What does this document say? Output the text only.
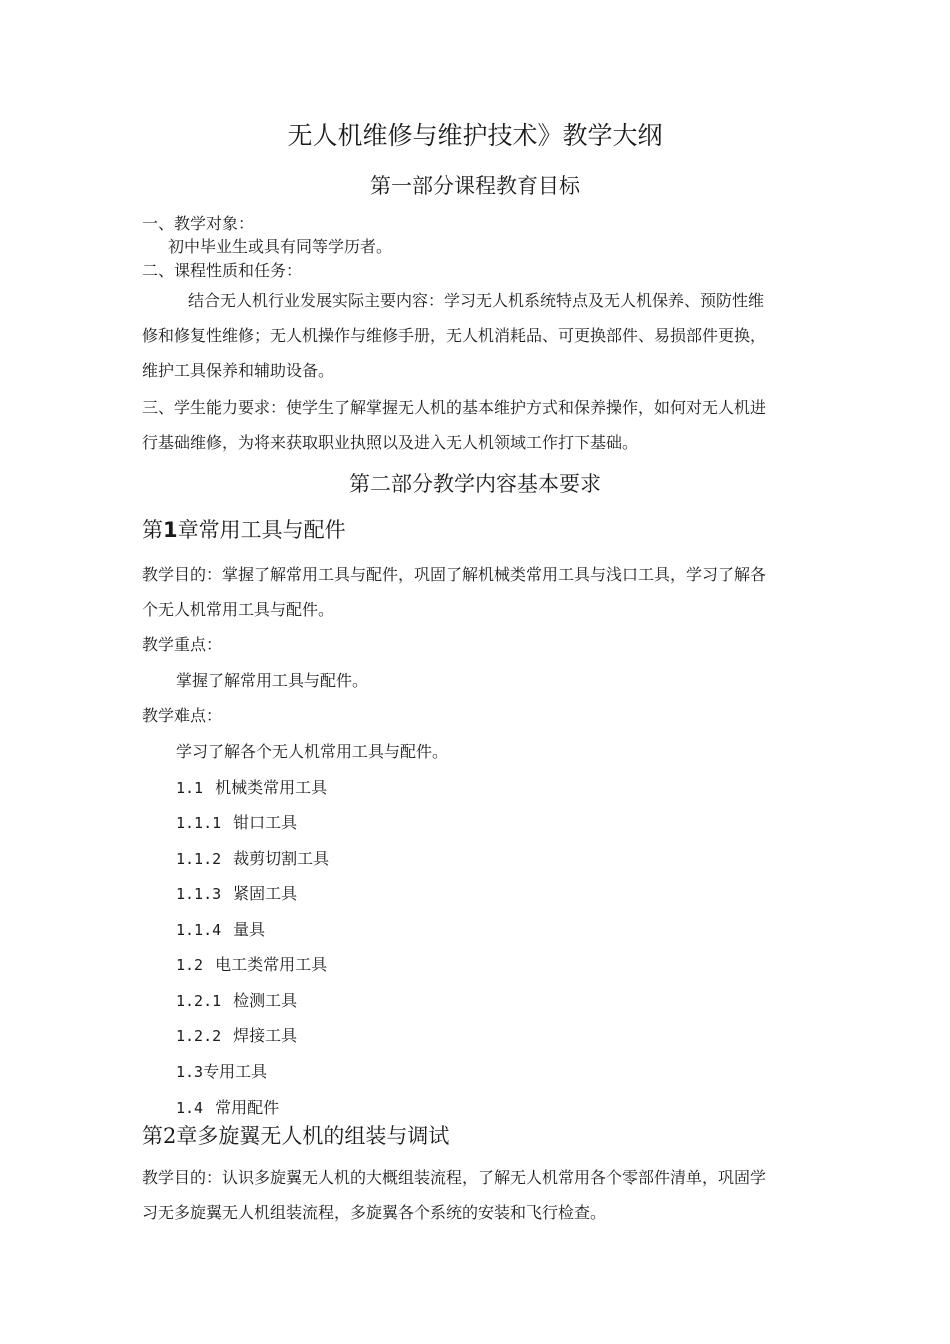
无人机维修与维护技术》教学大纲
第一部分课程教育目标
一、教学对象：
初中毕业生或具有同等学历者。
二、课程性质和任务：
结合无人机行业发展实际主要内容：学习无人机系统特点及无人机保养、预防性维
修和修复性维修；无人机操作与维修手册，无人机消耗品、可更换部件、易损部件更换，
维护工具保养和辅助设备。
三、学生能力要求：使学生了解掌握无人机的基本维护方式和保养操作，如何对无人机进
行基础维修，为将来获取职业执照以及进入无人机领域工作打下基础。
第二部分教学内容基本要求
第1章常用工具与配件
教学目的：掌握了解常用工具与配件，巩固了解机械类常用工具与浅口工具，学习了解各
个无人机常用工具与配件。
教学重点：
掌握了解常用工具与配件。
教学难点：
学习了解各个无人机常用工具与配件。
1.1 机械类常用工具
1.1.1 钳口工具
1.1.2 裁剪切割工具
1.1.3 紧固工具
1.1.4 量具
1.2 电工类常用工具
1.2.1 检测工具
1.2.2 焊接工具
1.3专用工具
1.4 常用配件
第2章多旋翼无人机的组装与调试
教学目的：认识多旋翼无人机的大概组装流程，了解无人机常用各个零部件清单，巩固学
习无多旋翼无人机组装流程，多旋翼各个系统的安装和飞行检查。
